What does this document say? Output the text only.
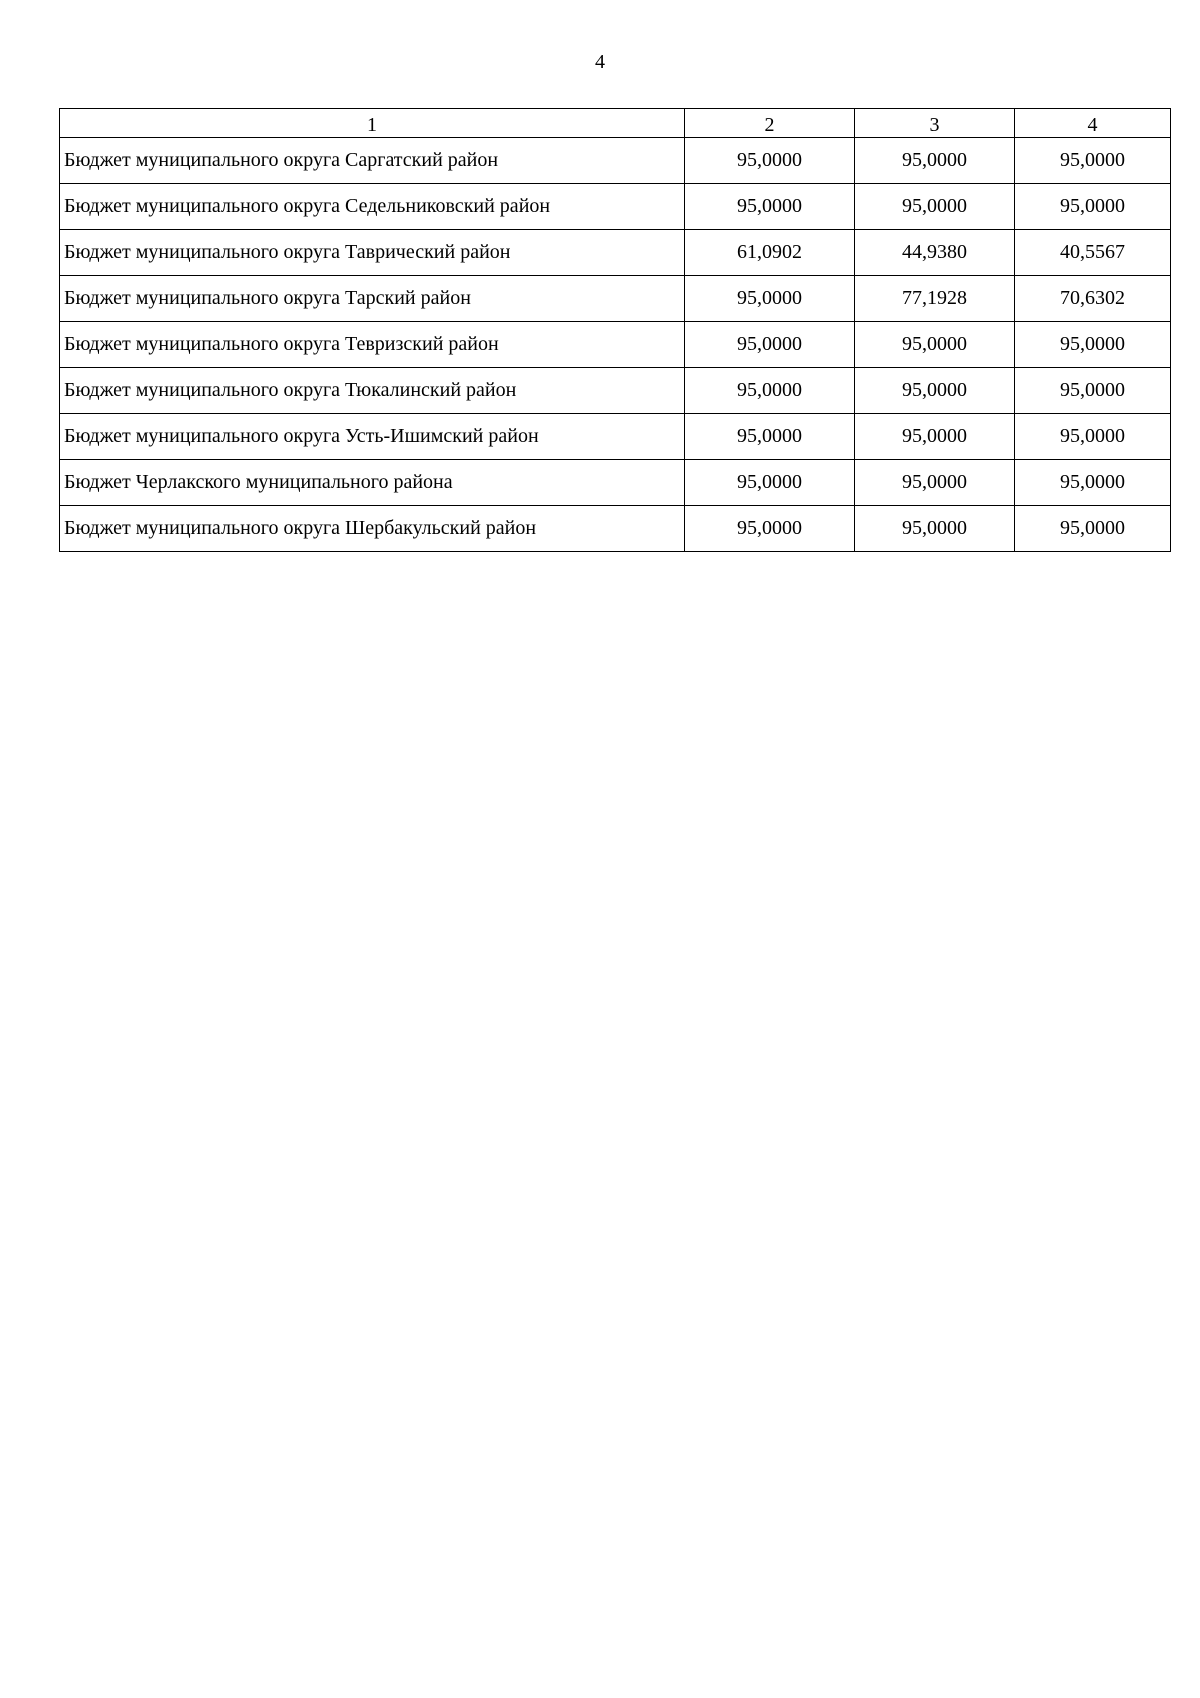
4
1	2	3	4
Бюджет муниципального округа Саргатский район	95,0000	95,0000	95,0000
Бюджет муниципального округа Седельниковский район	95,0000	95,0000	95,0000
Бюджет муниципального округа Таврический район	61,0902	44,9380	40,5567
Бюджет муниципального округа Тарский район	95,0000	77,1928	70,6302
Бюджет муниципального округа Тевризский район	95,0000	95,0000	95,0000
Бюджет муниципального округа Тюкалинский район	95,0000	95,0000	95,0000
Бюджет муниципального округа Усть-Ишимский район	95,0000	95,0000	95,0000
Бюджет Черлакского муниципального района	95,0000	95,0000	95,0000
Бюджет муниципального округа Шербакульский район	95,0000	95,0000	95,0000
